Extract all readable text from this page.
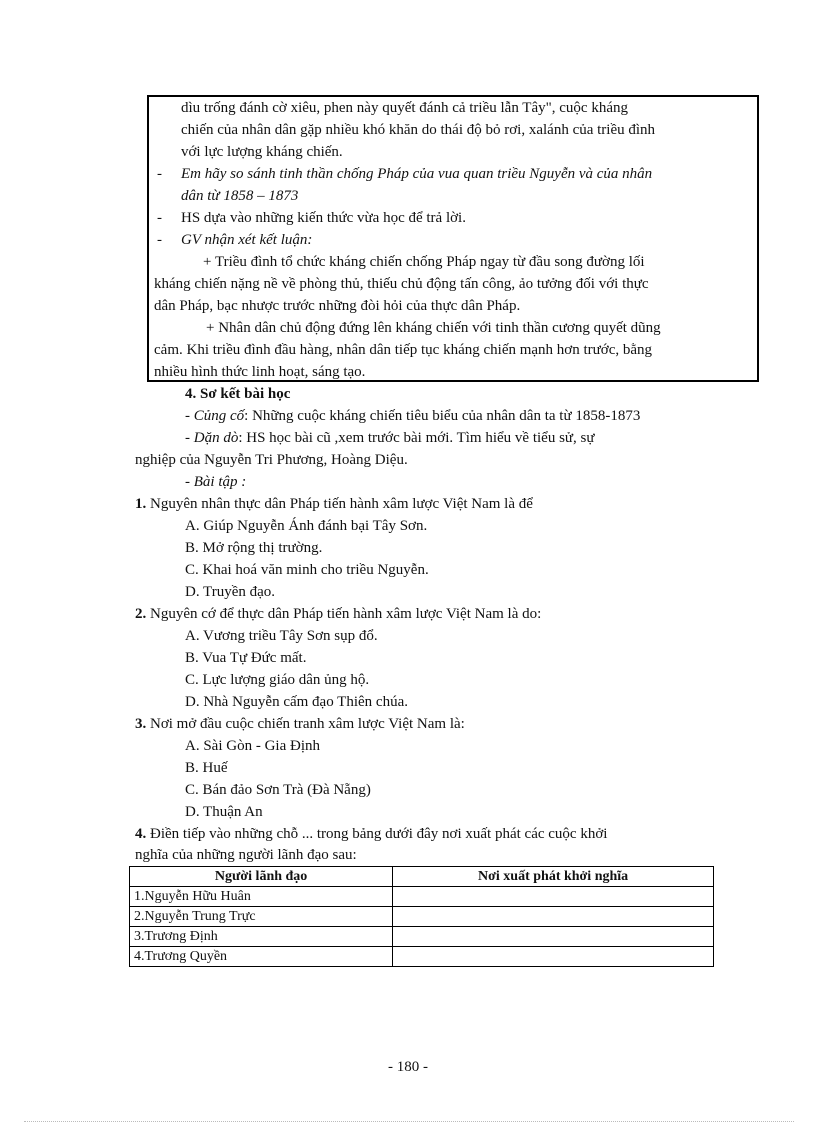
dìu trống đánh cờ xiêu, phen này quyết đánh cả triều lẫn Tây", cuộc kháng
chiến của nhân dân gặp nhiều khó khăn do thái độ bỏ rơi, xalánh của triều đình
với lực lượng kháng chiến.
- Em hãy so sánh tinh thần chống Pháp của vua quan triều Nguyễn và của nhân
dân từ 1858 – 1873
- HS dựa vào những kiến thức vừa học để trả lời.
- GV nhận xét kết luận:
+ Triều đình tổ chức kháng chiến chống Pháp ngay từ đầu song đường lối
kháng chiến nặng nề về phòng thủ, thiếu chủ động tấn công, ảo tưởng đối với thực
dân Pháp, bạc nhược trước những đòi hỏi của thực dân Pháp.
+ Nhân dân chủ động đứng lên kháng chiến với tinh thần cương quyết dũng
cảm. Khi triều đình đầu hàng, nhân dân tiếp tục kháng chiến mạnh hơn trước, bằng
nhiều hình thức linh hoạt, sáng tạo.
4. Sơ kết bài học
- Củng cố: Những cuộc kháng chiến tiêu biểu của nhân dân ta từ 1858-1873
- Dặn dò: HS học bài cũ ,xem trước bài mới. Tìm hiểu về tiểu sử, sự
nghiệp của Nguyễn Tri Phương, Hoàng Diệu.
- Bài tập :
1. Nguyên nhân thực dân Pháp tiến hành xâm lược Việt Nam là để
A. Giúp Nguyễn Ánh đánh bại Tây Sơn.
B. Mở rộng thị trường.
C. Khai hoá văn minh cho triều Nguyễn.
D. Truyền đạo.
2. Nguyên cớ để thực dân Pháp tiến hành xâm lược Việt Nam là do:
A. Vương triều Tây Sơn sụp đổ.
B. Vua Tự Đức mất.
C. Lực lượng giáo dân ủng hộ.
D. Nhà Nguyễn cấm đạo Thiên chúa.
3. Nơi mở đầu cuộc chiến tranh xâm lược Việt Nam là:
A. Sài Gòn - Gia Định
B. Huế
C. Bán đảo Sơn Trà (Đà Nẵng)
D. Thuận An
4. Điền tiếp vào những chỗ ... trong bảng dưới đây nơi xuất phát các cuộc khởi
nghĩa của những người lãnh đạo sau:
Người lãnh đạo	Nơi xuất phát khởi nghĩa
1.Nguyễn Hữu Huân	
2.Nguyễn Trung Trực	
3.Trương Định	
4.Trương Quyền	
- 180 -
